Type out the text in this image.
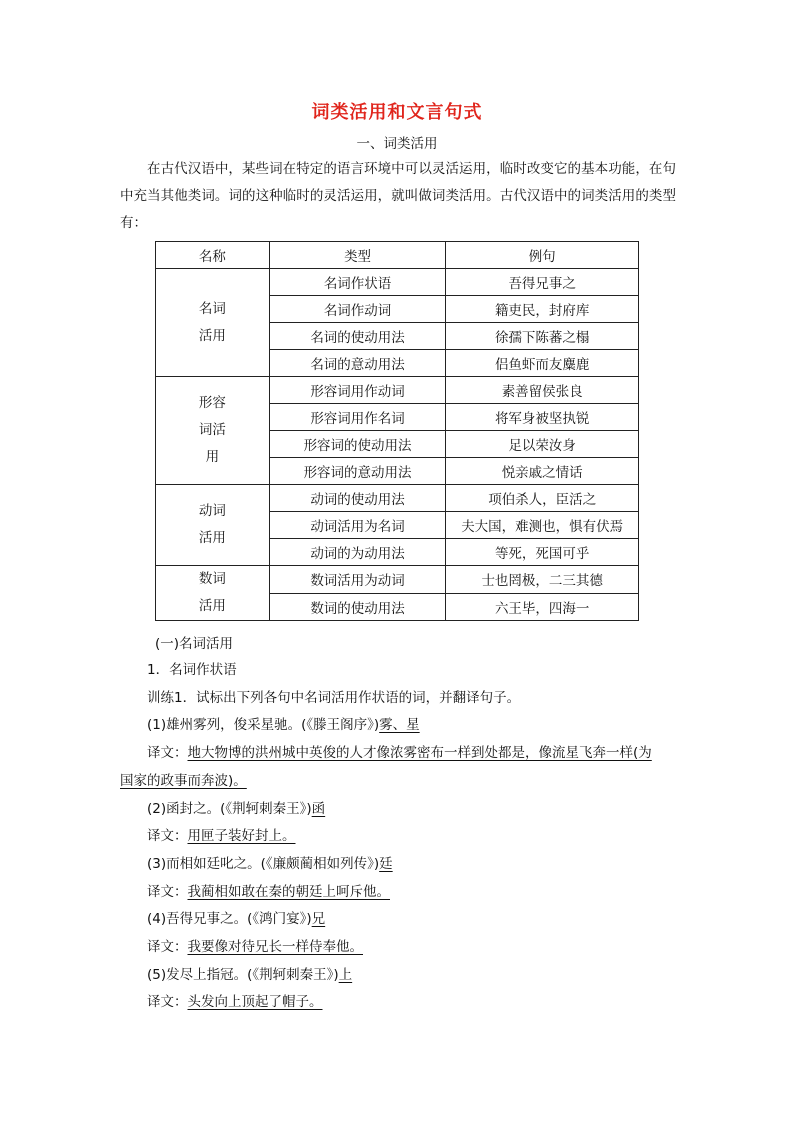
词类活用和文言句式
一、词类活用
在古代汉语中，某些词在特定的语言环境中可以灵活运用，临时改变它的基本功能，在句中充当其他类词。词的这种临时的灵活运用，就叫做词类活用。古代汉语中的词类活用的类型有：
名称	类型	例句

名词
活用	名词作状语	吾得兄事之
	名词作动词	籍吏民，封府库
	名词的使动用法	徐孺下陈蕃之榻
	名词的意动用法	侣鱼虾而友麋鹿

形容
词活
用	形容词用作动词	素善留侯张良
	形容词用作名词	将军身被坚执锐
	形容词的使动用法	足以荣汝身
	形容词的意动用法	悦亲戚之情话

动词
活用	动词的使动用法	项伯杀人，臣活之
	动词活用为名词	夫大国，难测也，惧有伏焉
	动词的为动用法	等死，死国可乎

数词
活用	数词活用为动词	士也罔极，二三其德
	数词的使动用法	六王毕，四海一
(一)名词活用
1．名词作状语
训练1．试标出下列各句中名词活用作状语的词，并翻译句子。
(1)雄州雾列，俊采星驰。(《滕王阁序》)雾、星
译文：地大物博的洪州城中英俊的人才像浓雾密布一样到处都是，像流星飞奔一样(为
国家的政事而奔波)。
(2)函封之。(《荆轲刺秦王》)函
译文：用匣子装好封上。
(3)而相如廷叱之。(《廉颇蔺相如列传》)廷
译文：我蔺相如敢在秦的朝廷上呵斥他。
(4)吾得兄事之。(《鸿门宴》)兄
译文：我要像对待兄长一样侍奉他。
(5)发尽上指冠。(《荆轲刺秦王》)上
译文：头发向上顶起了帽子。
